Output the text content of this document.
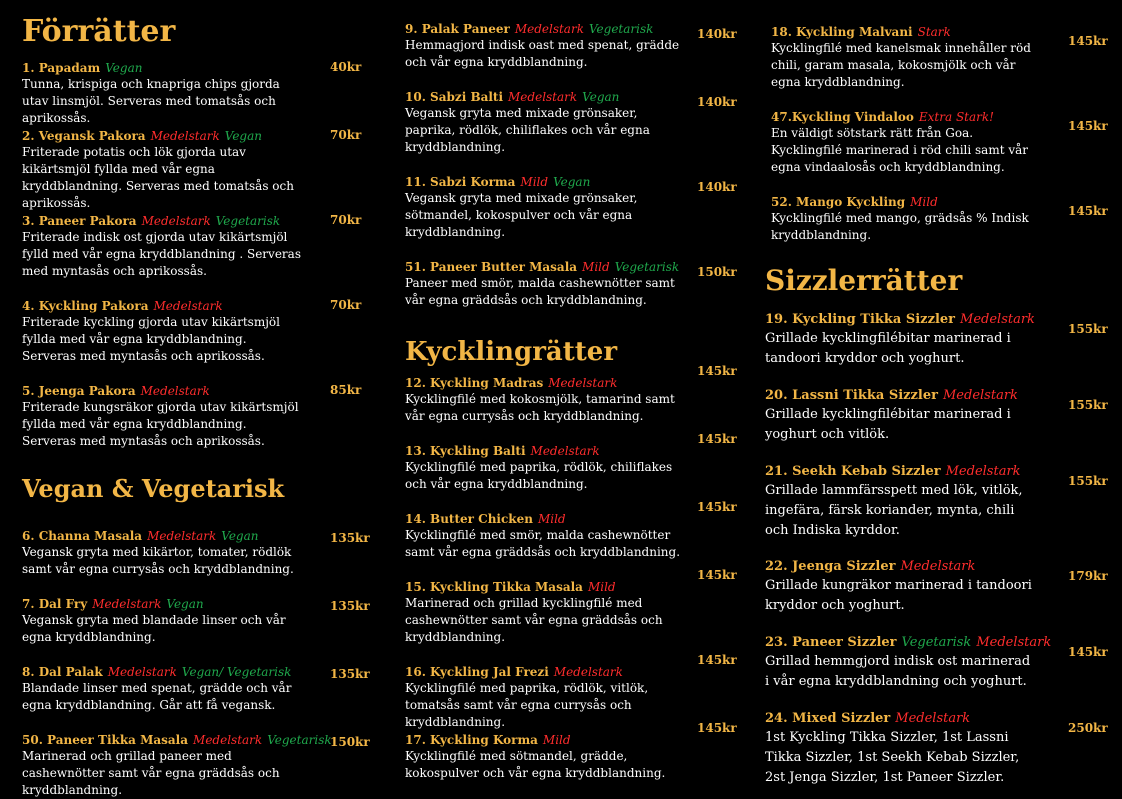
Förrätter
1. Papadam Vegan
Tunna, krispiga och knapriga chips gjorda utav linsmjöl. Serveras med tomatsås och aprikossås.
40kr
2. Vegansk Pakora Medelstark Vegan
Friterade potatis och lök gjorda utav kikärtsmjöl fyllda med vår egna kryddblandning. Serveras med tomatsås och aprikossås.
70kr
3. Paneer Pakora Medelstark Vegetarisk
Friterade indisk ost gjorda utav kikärtsmjöl fylld med vår egna kryddblandning . Serveras med myntasås och aprikossås.
70kr
4. Kyckling Pakora Medelstark
Friterade kyckling gjorda utav kikärtsmjöl fyllda med vår egna kryddblandning. Serveras med myntasås och aprikossås.
70kr
5. Jeenga Pakora Medelstark
Friterade kungsräkor gjorda utav kikärtsmjöl fyllda med vår egna kryddblandning. Serveras med myntasås och aprikossås.
85kr
Vegan & Vegetarisk
6. Channa Masala Medelstark Vegan
Vegansk gryta med kikärtor, tomater, rödlök samt vår egna currysås och kryddblandning.
135kr
7. Dal Fry Medelstark Vegan
Vegansk gryta med blandade linser och vår egna kryddblandning.
135kr
8. Dal Palak Medelstark Vegan/ Vegetarisk
Blandade linser med spenat, grädde och vår egna kryddblandning. Går att få vegansk.
135kr
50. Paneer Tikka Masala Medelstark Vegetarisk
Marinerad och grillad paneer med cashewnötter samt vår egna gräddsås och kryddblandning.
150kr
9. Palak Paneer Medelstark Vegetarisk
Hemmagjord indisk oast med spenat, grädde och vår egna kryddblandning.
140kr
10. Sabzi Balti Medelstark Vegan
Vegansk gryta med mixade grönsaker, paprika, rödlök, chiliflakes och vår egna kryddblandning.
140kr
11. Sabzi Korma Mild Vegan
Vegansk gryta med mixade grönsaker, sötmandel, kokospulver och vår egna kryddblandning.
140kr
51. Paneer Butter Masala Mild Vegetarisk
Paneer med smör, malda cashewnötter samt vår egna gräddsås och kryddblandning.
150kr
Kycklingrätter
12. Kyckling Madras Medelstark
Kycklingfilé med kokosmjölk, tamarind samt vår egna currysås och kryddblandning.
145kr
13. Kyckling Balti Medelstark
Kycklingfilé med paprika, rödlök, chiliflakes och vår egna kryddblandning.
145kr
14. Butter Chicken Mild
Kycklingfilé med smör, malda cashewnötter samt vår egna gräddsås och kryddblandning.
145kr
15. Kyckling Tikka Masala Mild
Marinerad och grillad kycklingfilé med cashewnötter samt vår egna gräddsås och kryddblandning.
145kr
16. Kyckling Jal Frezi Medelstark
Kycklingfilé med paprika, rödlök, vitlök, tomatsås samt vår egna currysås och kryddblandning.
145kr
17. Kyckling Korma Mild
Kycklingfilé med sötmandel, grädde, kokospulver och vår egna kryddblandning.
145kr
18. Kyckling Malvani Stark
Kycklingfilé med kanelsmak innehåller röd chili, garam masala, kokosmjölk och vår egna kryddblandning.
145kr
47.Kyckling Vindaloo Extra Stark!
En väldigt sötstark rätt från Goa. Kycklingfilé marinerad i röd chili samt vår egna vindaalosås och kryddblandning.
145kr
52. Mango Kyckling Mild
Kycklingfilé med mango, grädsås % Indisk kryddblandning.
145kr
Sizzlerrätter
19. Kyckling Tikka Sizzler Medelstark
Grillade kycklingfilébitar marinerad i tandoori kryddor och yoghurt.
155kr
20. Lassni Tikka Sizzler Medelstark
Grillade kycklingfilébitar marinerad i yoghurt och vitlök.
155kr
21. Seekh Kebab Sizzler Medelstark
Grillade lammfärsspett med lök, vitlök, ingefära, färsk koriander, mynta, chili och Indiska kyrddor.
155kr
22. Jeenga Sizzler Medelstark
Grillade kungräkor marinerad i tandoori kryddor och yoghurt.
179kr
23. Paneer Sizzler Vegetarisk Medelstark
Grillad hemmgjord indisk ost marinerad i vår egna kryddblandning och yoghurt.
145kr
24. Mixed Sizzler Medelstark
1st Kyckling Tikka Sizzler, 1st Lassni Tikka Sizzler, 1st Seekh Kebab Sizzler, 2st Jenga Sizzler, 1st Paneer Sizzler.
250kr
